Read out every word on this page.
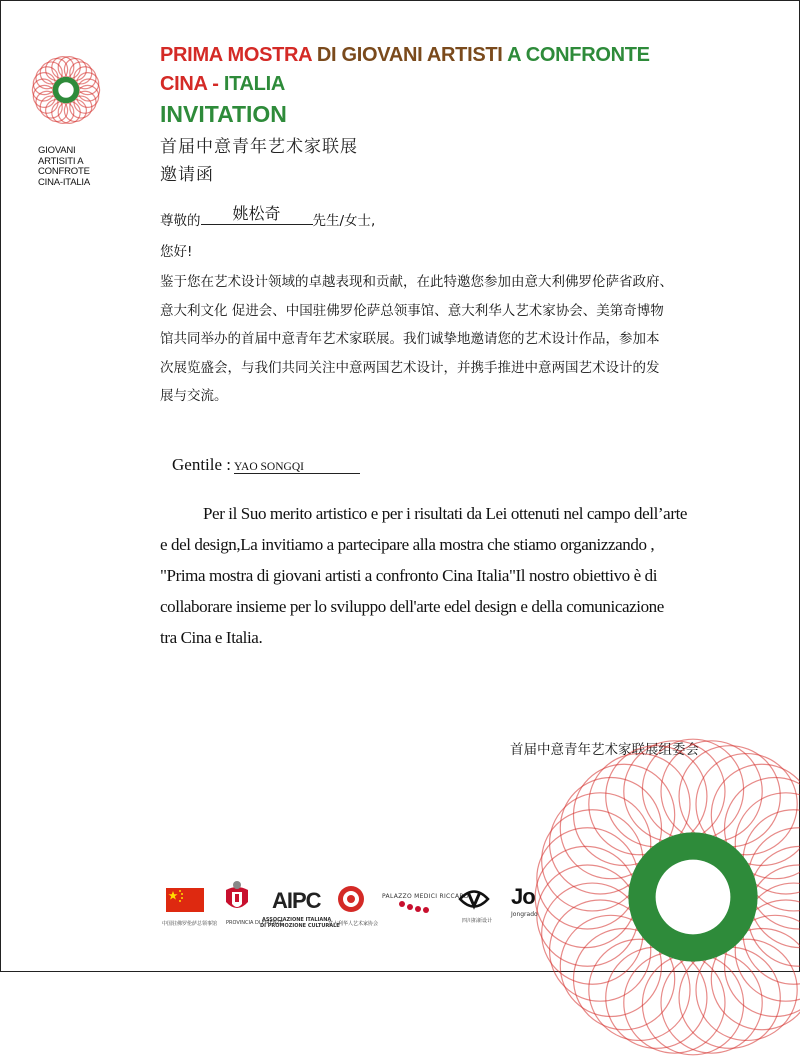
GIOVANI
ARTISITI A
CONFROTE
CINA-ITALIA
PRIMA MOSTRA DI GIOVANI ARTISTI A CONFRONTE
CINA - ITALIA
INVITATION
首届中意青年艺术家联展
邀请函
尊敬的	姚松奇	先生/女士,
您好!
鉴于您在艺术设计领域的卓越表现和贡献，在此特邀您参加由意大利佛罗伦萨省政府、
意大利文化 促进会、中国驻佛罗伦萨总领事馆、意大利华人艺术家协会、美第奇博物
馆共同举办的首届中意青年艺术家联展。我们诚挚地邀请您的艺术设计作品，参加本
次展览盛会，与我们共同关注中意两国艺术设计，并携手推进中意两国艺术设计的发
展与交流。
Gentile : YAO SONGQI
Per il Suo merito artistico e per i risultati da Lei ottenuti nel campo dell’arte
e del design,La invitiamo a partecipare alla mostra che stiamo organizzando ,
"Prima mostra di giovani artisti a confronto Cina Italia"Il nostro obiettivo è di
collaborare insieme per lo sviluppo dell'arte edel design e della comunicazione
tra Cina e Italia.
首届中意青年艺术家联展组委会
中国驻佛罗伦萨总领事馆 PROVINCIA DI FIRENZE
AIPC
ASSOCIAZIONE ITALIANA
DI PROMOZIONE CULTURALE
意大利华人艺术家协会
PALAZZO MEDICI RICCARDI
四川拓新设计
Jo
Jongrado
